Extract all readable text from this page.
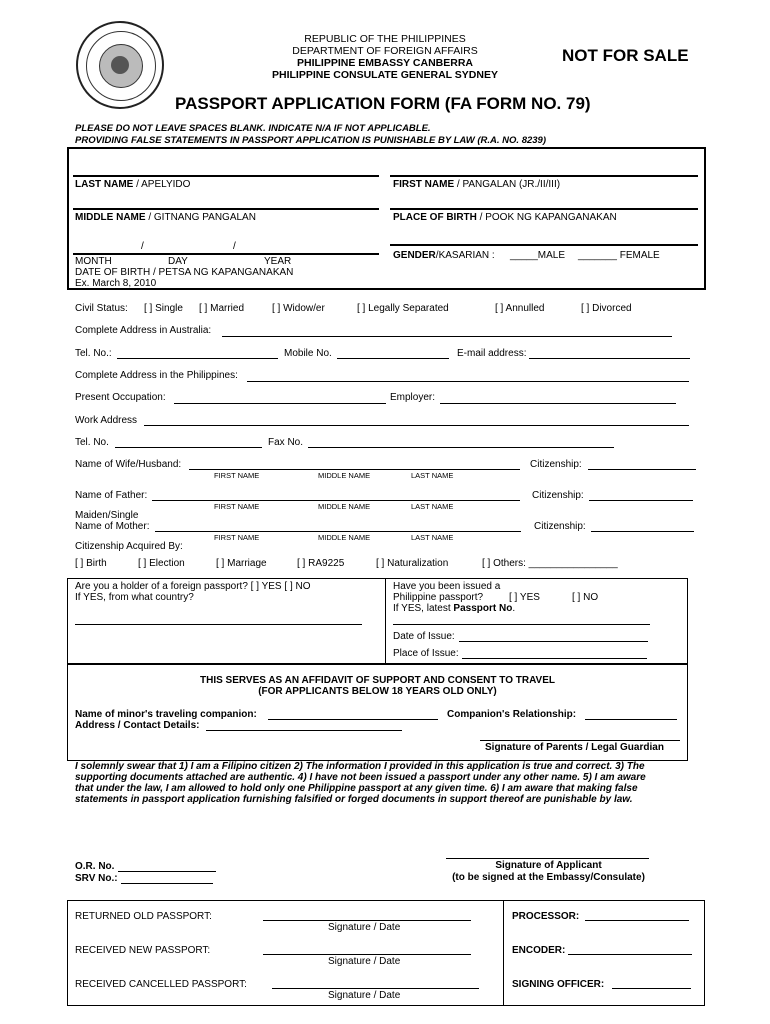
REPUBLIC OF THE PHILIPPINES
DEPARTMENT OF FOREIGN AFFAIRS
PHILIPPINE EMBASSY CANBERRA
PHILIPPINE CONSULATE GENERAL SYDNEY
NOT FOR SALE
PASSPORT APPLICATION FORM (FA FORM NO. 79)
PLEASE DO NOT LEAVE SPACES BLANK. INDICATE N/A IF NOT APPLICABLE.
PROVIDING FALSE STATEMENTS IN PASSPORT APPLICATION IS PUNISHABLE BY LAW (R.A. NO. 8239)
LAST NAME / APELYIDO	FIRST NAME / PANGALAN (JR./II/III)
MIDDLE NAME / GITNANG PANGALAN	PLACE OF BIRTH / POOK NG KAPANGANAKAN
/	/
MONTH	DAY	YEAR
DATE OF BIRTH / PETSA NG KAPANGANAKAN
Ex. March 8, 2010
GENDER/KASARIAN : _____MALE _______ FEMALE
Civil Status: [ ] Single [ ] Married	[ ] Widow/er	[ ] Legally Separated	[ ] Annulled	[ ] Divorced
Complete Address in Australia:
Tel. No.:	Mobile No.	E-mail address:
Complete Address in the Philippines:
Present Occupation:	Employer:
Work Address
Tel. No.	Fax No.
Name of Wife/Husband:	Citizenship:
FIRST NAME	MIDDLE NAME	LAST NAME
Name of Father:	Citizenship:
FIRST NAME	MIDDLE NAME	LAST NAME
Maiden/Single
Name of Mother:	Citizenship:
FIRST NAME	MIDDLE NAME	LAST NAME
Citizenship Acquired By:
[ ] Birth	[ ] Election	[ ] Marriage	[ ] RA9225	[ ] Naturalization	[ ] Others: ________________
Are you a holder of a foreign passport? [ ] YES [ ] NO
If YES, from what country?
Have you been issued a
Philippine passport?	[ ] YES	[ ] NO
If YES, latest Passport No.
Date of Issue:
Place of Issue:
THIS SERVES AS AN AFFIDAVIT OF SUPPORT AND CONSENT TO TRAVEL
(FOR APPLICANTS BELOW 18 YEARS OLD ONLY)
Name of minor's traveling companion:	Companion's Relationship:
Address / Contact Details:
Signature of Parents / Legal Guardian
I solemnly swear that 1) I am a Filipino citizen 2) The information I provided in this application is true and correct. 3) The
supporting documents attached are authentic. 4) I have not been issued a passport under any other name. 5) I am aware
that under the law, I am allowed to hold only one Philippine passport at any given time. 6) I am aware that making false
statements in passport application furnishing falsified or forged documents in support thereof are punishable by law.
O.R. No.
SRV No.:
Signature of Applicant
(to be signed at the Embassy/Consulate)
RETURNED OLD PASSPORT:
Signature / Date
PROCESSOR:
RECEIVED NEW PASSPORT:
Signature / Date
ENCODER:
RECEIVED CANCELLED PASSPORT:
Signature / Date
SIGNING OFFICER:
